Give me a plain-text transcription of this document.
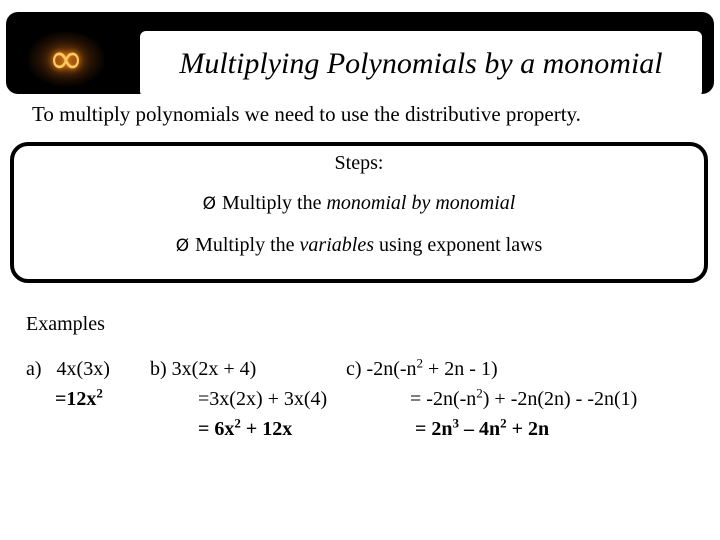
∞	Multiplying Polynomials by a monomial
To multiply polynomials we need to use the distributive property.
Steps:
Ø Multiply the monomial by monomial
Ø Multiply the variables using exponent laws
Examples
a)   4x(3x)
$=12x^2$
b) 3x(2x + 4)
=3x(2x) + 3x(4)
= $6x^2 + 12x$
c) $-2n(-n^2 + 2n - 1)$
= $-2n(-n^2) + -2n(2n) - -2n(1)$
= $2n^3 - 4n^2 + 2n$
